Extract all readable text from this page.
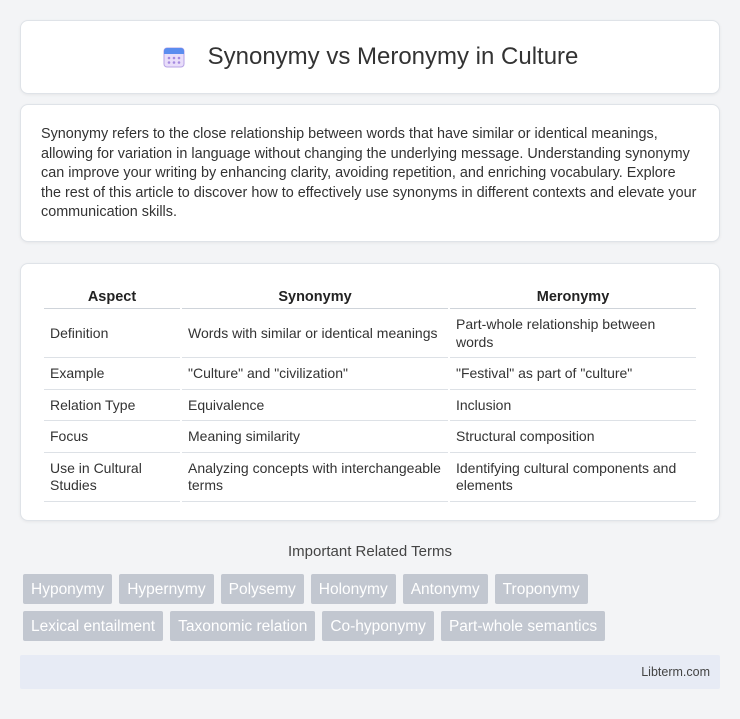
Synonymy vs Meronymy in Culture

Synonymy refers to the close relationship between words that have similar or identical meanings, allowing for variation in language without changing the underlying message. Understanding synonymy can improve your writing by enhancing clarity, avoiding repetition, and enriching vocabulary. Explore the rest of this article to discover how to effectively use synonyms in different contexts and elevate your communication skills.

Aspect	Synonymy	Meronymy
Definition	Words with similar or identical meanings	Part-whole relationship between words
Example	"Culture" and "civilization"	"Festival" as part of "culture"
Relation Type	Equivalence	Inclusion
Focus	Meaning similarity	Structural composition
Use in Cultural Studies	Analyzing concepts with interchangeable terms	Identifying cultural components and elements
Important Related Terms
Hyponymy	Hypernymy	Polysemy	Holonymy	Antonymy	Troponymy
Lexical entailment	Taxonomic relation	Co-hyponymy	Part-whole semantics
Libterm.com
